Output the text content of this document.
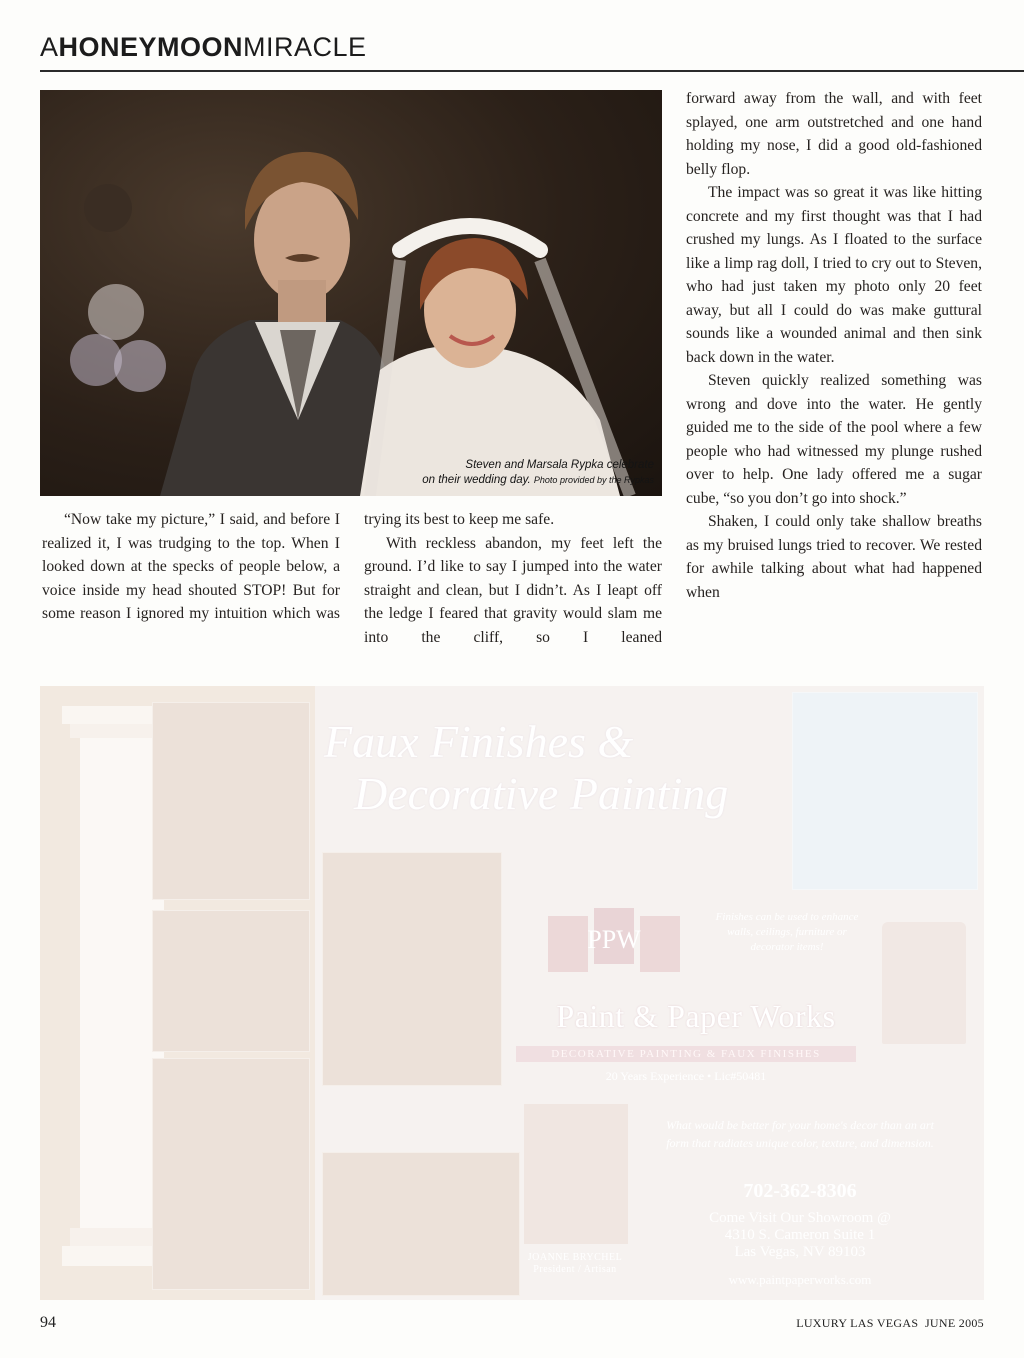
AHONEYMOONMIRACLE
Steven and Marsala Rypka celebrate
on their wedding day. Photo provided by the Rypkas

“Now take my picture,” I said, and before I realized it, I was trudging to the top. When I looked down at the specks of people below, a voice inside my head shouted STOP! But for some reason I ignored my intuition which was

trying its best to keep me safe.

With reckless abandon, my feet left the ground. I’d like to say I jumped into the water straight and clean, but I didn’t. As I leapt off the ledge I feared that gravity would slam me into the cliff, so I leaned

forward away from the wall, and with feet splayed, one arm outstretched and one hand holding my nose, I did a good old-fashioned belly flop.

The impact was so great it was like hitting concrete and my first thought was that I had crushed my lungs. As I floated to the surface like a limp rag doll, I tried to cry out to Steven, who had just taken my photo only 20 feet away, but all I could do was make guttural sounds like a wounded animal and then sink back down in the water.

Steven quickly realized something was wrong and dove into the water. He gently guided me to the side of the pool where a few people who had witnessed my plunge rushed over to help. One lady offered me a sugar cube, “so you don’t go into shock.”

Shaken, I could only take shallow breaths as my bruised lungs tried to recover. We rested for awhile talking about what had happened when

Faux Finishes &
Decorative Painting
PPW
Finishes can be used to enhance walls, ceilings, furniture or decorator items!
Paint & Paper Works
DECORATIVE PAINTING & FAUX FINISHES
20 Years Experience • Lic#50481
JOANNE BRYCHEL
President / Artisan
What would be better for your home's decor than an art form that radiates unique color, texture, and dimension.
702-362-8306
Come Visit Our Showroom @
4310 S. Cameron Suite 1
Las Vegas, NV 89103
www.paintpaperworks.com
94	LUXURY LAS VEGAS JUNE 2005
